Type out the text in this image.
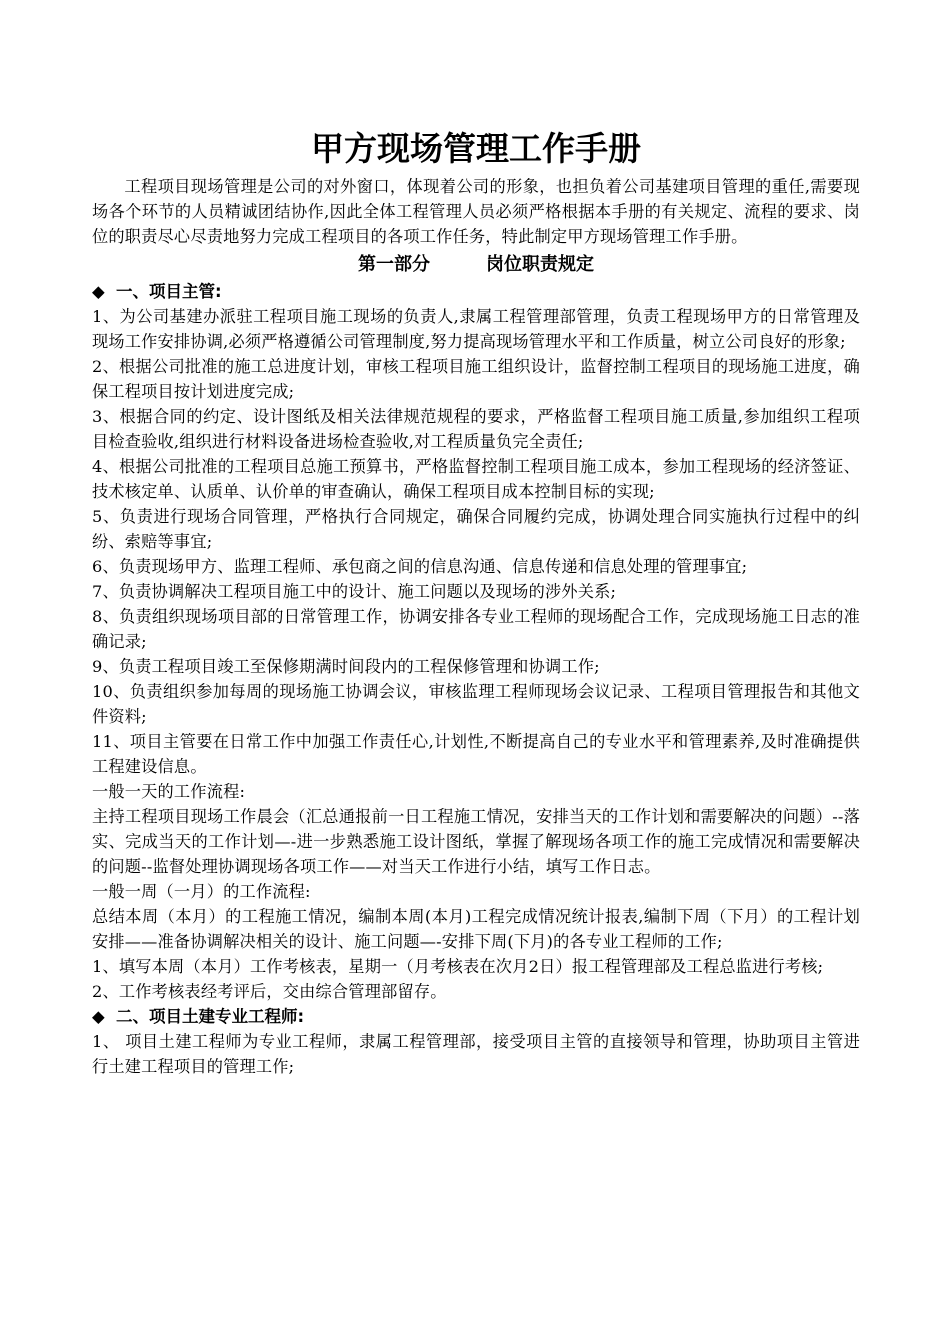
甲方现场管理工作手册

工程项目现场管理是公司的对外窗口，体现着公司的形象，也担负着公司基建项目管理的重任,需要现场各个环节的人员精诚团结协作,因此全体工程管理人员必须严格根据本手册的有关规定、流程的要求、岗位的职责尽心尽责地努力完成工程项目的各项工作任务，特此制定甲方现场管理工作手册。

第一部分	岗位职责规定
◆ 一、项目主管:

1、为公司基建办派驻工程项目施工现场的负责人,隶属工程管理部管理，负责工程现场甲方的日常管理及现场工作安排协调,必须严格遵循公司管理制度,努力提高现场管理水平和工作质量，树立公司良好的形象;

2、根据公司批准的施工总进度计划，审核工程项目施工组织设计，监督控制工程项目的现场施工进度，确保工程项目按计划进度完成;

3、根据合同的约定、设计图纸及相关法律规范规程的要求，严格监督工程项目施工质量,参加组织工程项目检查验收,组织进行材料设备进场检查验收,对工程质量负完全责任;

4、根据公司批准的工程项目总施工预算书，严格监督控制工程项目施工成本，参加工程现场的经济签证、技术核定单、认质单、认价单的审查确认，确保工程项目成本控制目标的实现;

5、负责进行现场合同管理，严格执行合同规定，确保合同履约完成，协调处理合同实施执行过程中的纠纷、索赔等事宜;

6、负责现场甲方、监理工程师、承包商之间的信息沟通、信息传递和信息处理的管理事宜;

7、负责协调解决工程项目施工中的设计、施工问题以及现场的涉外关系;

8、负责组织现场项目部的日常管理工作，协调安排各专业工程师的现场配合工作，完成现场施工日志的准确记录;

9、负责工程项目竣工至保修期满时间段内的工程保修管理和协调工作;

10、负责组织参加每周的现场施工协调会议，审核监理工程师现场会议记录、工程项目管理报告和其他文件资料;

11、项目主管要在日常工作中加强工作责任心,计划性,不断提高自己的专业水平和管理素养,及时准确提供工程建设信息。

一般一天的工作流程:

主持工程项目现场工作晨会（汇总通报前一日工程施工情况，安排当天的工作计划和需要解决的问题）--落实、完成当天的工作计划—-进一步熟悉施工设计图纸，掌握了解现场各项工作的施工完成情况和需要解决的问题--监督处理协调现场各项工作——对当天工作进行小结，填写工作日志。

一般一周（一月）的工作流程:

总结本周（本月）的工程施工情况，编制本周(本月)工程完成情况统计报表,编制下周（下月）的工程计划安排——准备协调解决相关的设计、施工问题—-安排下周(下月)的各专业工程师的工作;

1、填写本周（本月）工作考核表，星期一（月考核表在次月2日）报工程管理部及工程总监进行考核;

2、工作考核表经考评后，交由综合管理部留存。

◆ 二、项目土建专业工程师:

1、 项目土建工程师为专业工程师，隶属工程管理部，接受项目主管的直接领导和管理，协助项目主管进行土建工程项目的管理工作;
